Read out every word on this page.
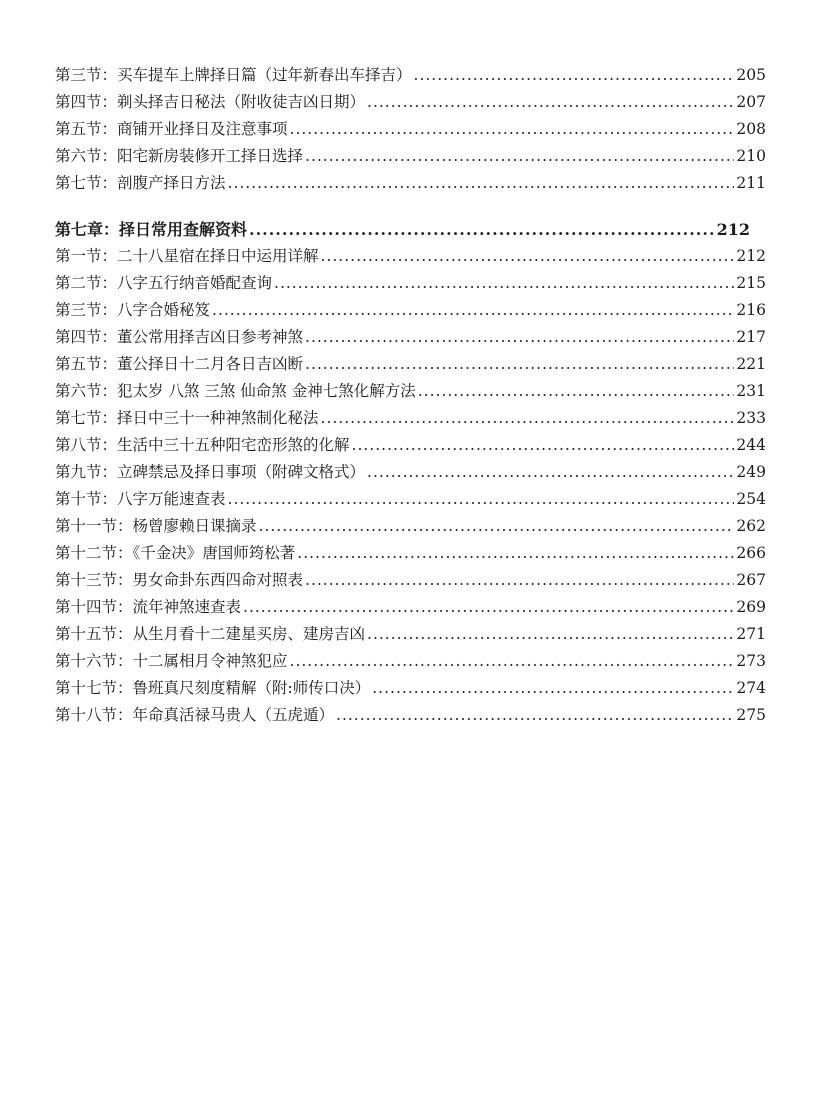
第三节：买车提车上牌择日篇（过年新春出车择吉） .....	205
第四节：剃头择吉日秘法（附收徒吉凶日期） .....	207
第五节：商铺开业择日及注意事项 .....	208
第六节：阳宅新房装修开工择日选择 .....	210
第七节：剖腹产择日方法 .....	211
第七章：择日常用查解资料 .....	212
第一节：二十八星宿在择日中运用详解 .....	212
第二节：八字五行纳音婚配查询 .....	215
第三节：八字合婚秘笈 .....	216
第四节：董公常用择吉凶日参考神煞 .....	217
第五节：董公择日十二月各日吉凶断 .....	221
第六节：犯太岁 八煞 三煞 仙命煞 金神七煞化解方法 .....	231
第七节：择日中三十一种神煞制化秘法 .....	233
第八节：生活中三十五种阳宅峦形煞的化解 .....	244
第九节：立碑禁忌及择日事项（附碑文格式） .....	249
第十节：八字万能速查表 .....	254
第十一节：杨曾廖赖日课摘录 .....	262
第十二节：《千金决》唐国师筠松著 .....	266
第十三节：男女命卦东西四命对照表 .....	267
第十四节：流年神煞速查表 .....	269
第十五节：从生月看十二建星买房、建房吉凶 .....	271
第十六节：十二属相月令神煞犯应 .....	273
第十七节：鲁班真尺刻度精解（附:师传口决） .....	274
第十八节：年命真活禄马贵人（五虎遁） .....	275
